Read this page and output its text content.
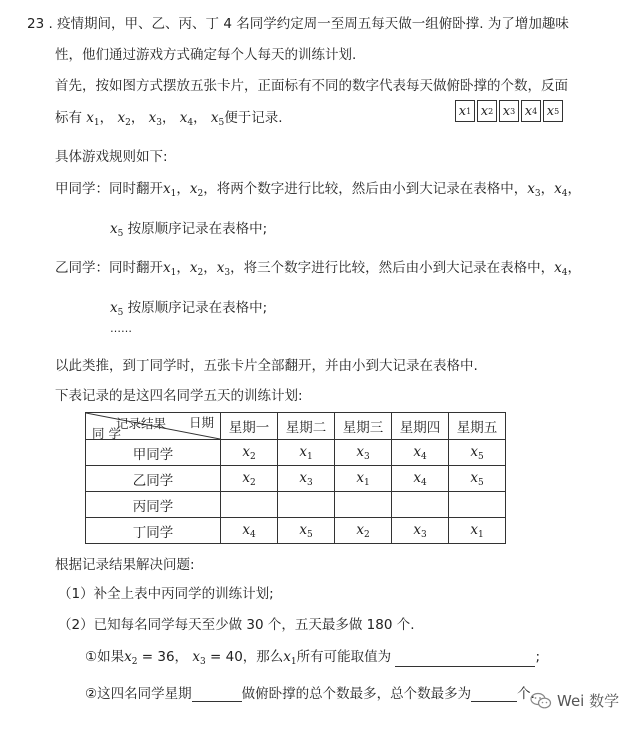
23 . 疫情期间，甲、乙、丙、丁 4 名同学约定周一至周五每天做一组俯卧撑. 为了增加趣味
性，他们通过游戏方式确定每个人每天的训练计划.
首先，按如图方式摆放五张卡片，正面标有不同的数字代表每天做俯卧撑的个数，反面
标有 $x_1$， $x_2$， $x_3$， $x_4$， $x_5$便于记录.	x 1 x 2 x 3 x 4 x 5
具体游戏规则如下:
甲同学：同时翻开$x_1$，$x_2$，将两个数字进行比较，然后由小到大记录在表格中，$x_3$，$x_4$，
$x_5$ 按原顺序记录在表格中;
乙同学：同时翻开$x_1$，$x_2$，$x_3$，将三个数字进行比较，然后由小到大记录在表格中，$x_4$，
$x_5$ 按原顺序记录在表格中;
……
以此类推，到丁同学时，五张卡片全部翻开，并由小到大记录在表格中.
下表记录的是这四名同学五天的训练计划:
日期
记录结果
同 学	星期一	星期二	星期三	星期四	星期五
甲同学	$x_2$	$x_1$	$x_3$	$x_4$	$x_5$
乙同学	$x_2$	$x_3$	$x_1$	$x_4$	$x_5$
丙同学					
丁同学	$x_4$	$x_5$	$x_2$	$x_3$	$x_1$
根据记录结果解决问题:
（1）补全上表中丙同学的训练计划;
（2）已知每名同学每天至少做 30 个，五天最多做 180 个.
①如果$x_2 = 36$， $x_3 = 40$，那么$x_1$所有可能取值为	;
②这四名同学星期	做俯卧撑的总个数最多，总个数最多为	个. Wei 数学
